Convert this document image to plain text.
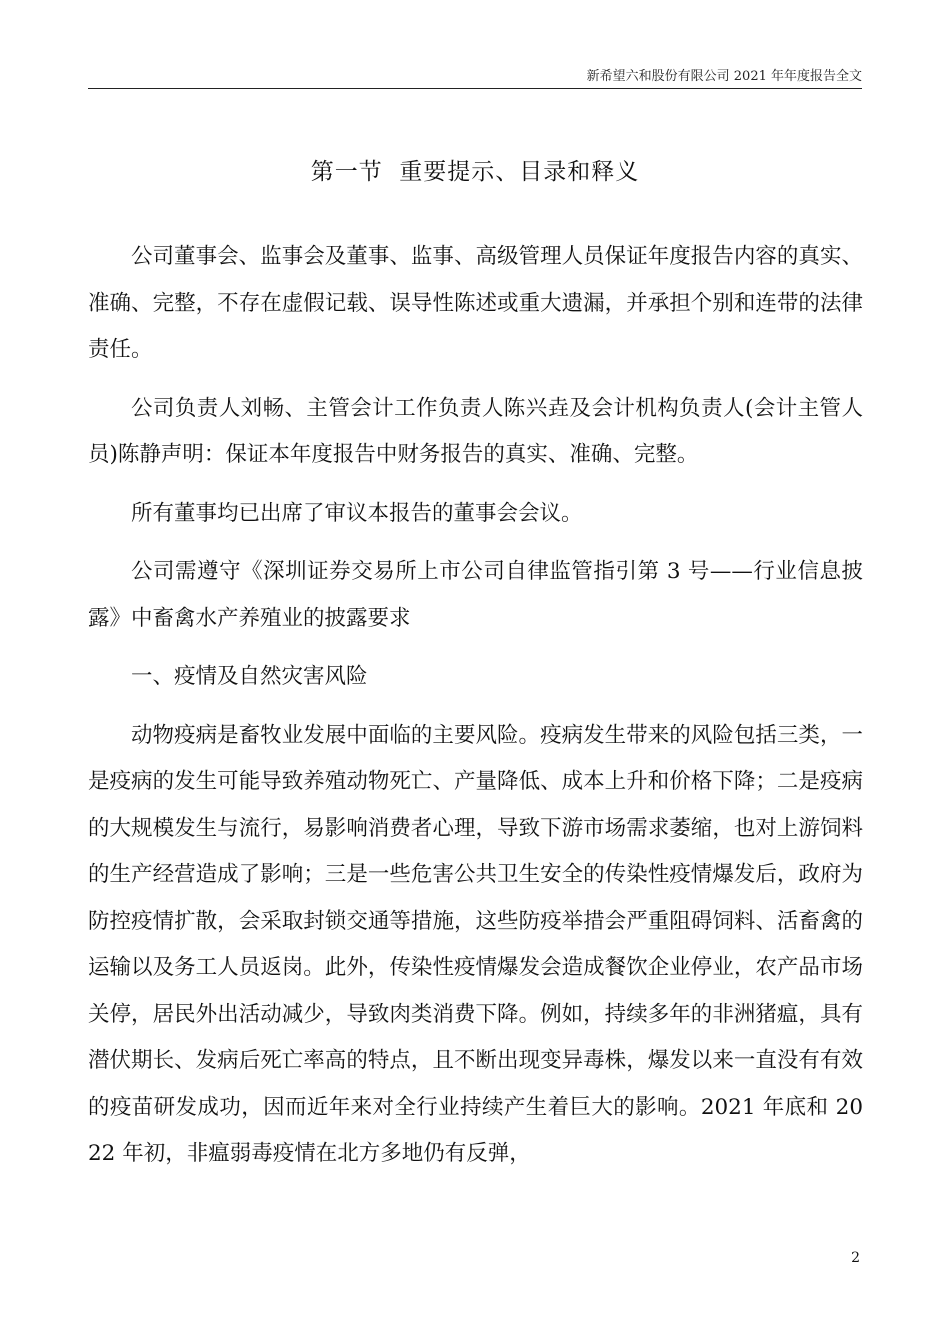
新希望六和股份有限公司 2021 年年度报告全文
第一节  重要提示、目录和释义

公司董事会、监事会及董事、监事、高级管理人员保证年度报告内容的真实、准确、完整，不存在虚假记载、误导性陈述或重大遗漏，并承担个别和连带的法律责任。

公司负责人刘畅、主管会计工作负责人陈兴垚及会计机构负责人(会计主管人员)陈静声明：保证本年度报告中财务报告的真实、准确、完整。

所有董事均已出席了审议本报告的董事会会议。

公司需遵守《深圳证券交易所上市公司自律监管指引第 3 号——行业信息披露》中畜禽水产养殖业的披露要求

一、疫情及自然灾害风险

动物疫病是畜牧业发展中面临的主要风险。疫病发生带来的风险包括三类，一是疫病的发生可能导致养殖动物死亡、产量降低、成本上升和价格下降；二是疫病的大规模发生与流行，易影响消费者心理，导致下游市场需求萎缩，也对上游饲料的生产经营造成了影响；三是一些危害公共卫生安全的传染性疫情爆发后，政府为防控疫情扩散，会采取封锁交通等措施，这些防疫举措会严重阻碍饲料、活畜禽的运输以及务工人员返岗。此外，传染性疫情爆发会造成餐饮企业停业，农产品市场关停，居民外出活动减少，导致肉类消费下降。例如，持续多年的非洲猪瘟，具有潜伏期长、发病后死亡率高的特点，且不断出现变异毒株，爆发以来一直没有有效的疫苗研发成功，因而近年来对全行业持续产生着巨大的影响。2021 年底和 2022 年初，非瘟弱毒疫情在北方多地仍有反弹，

2
